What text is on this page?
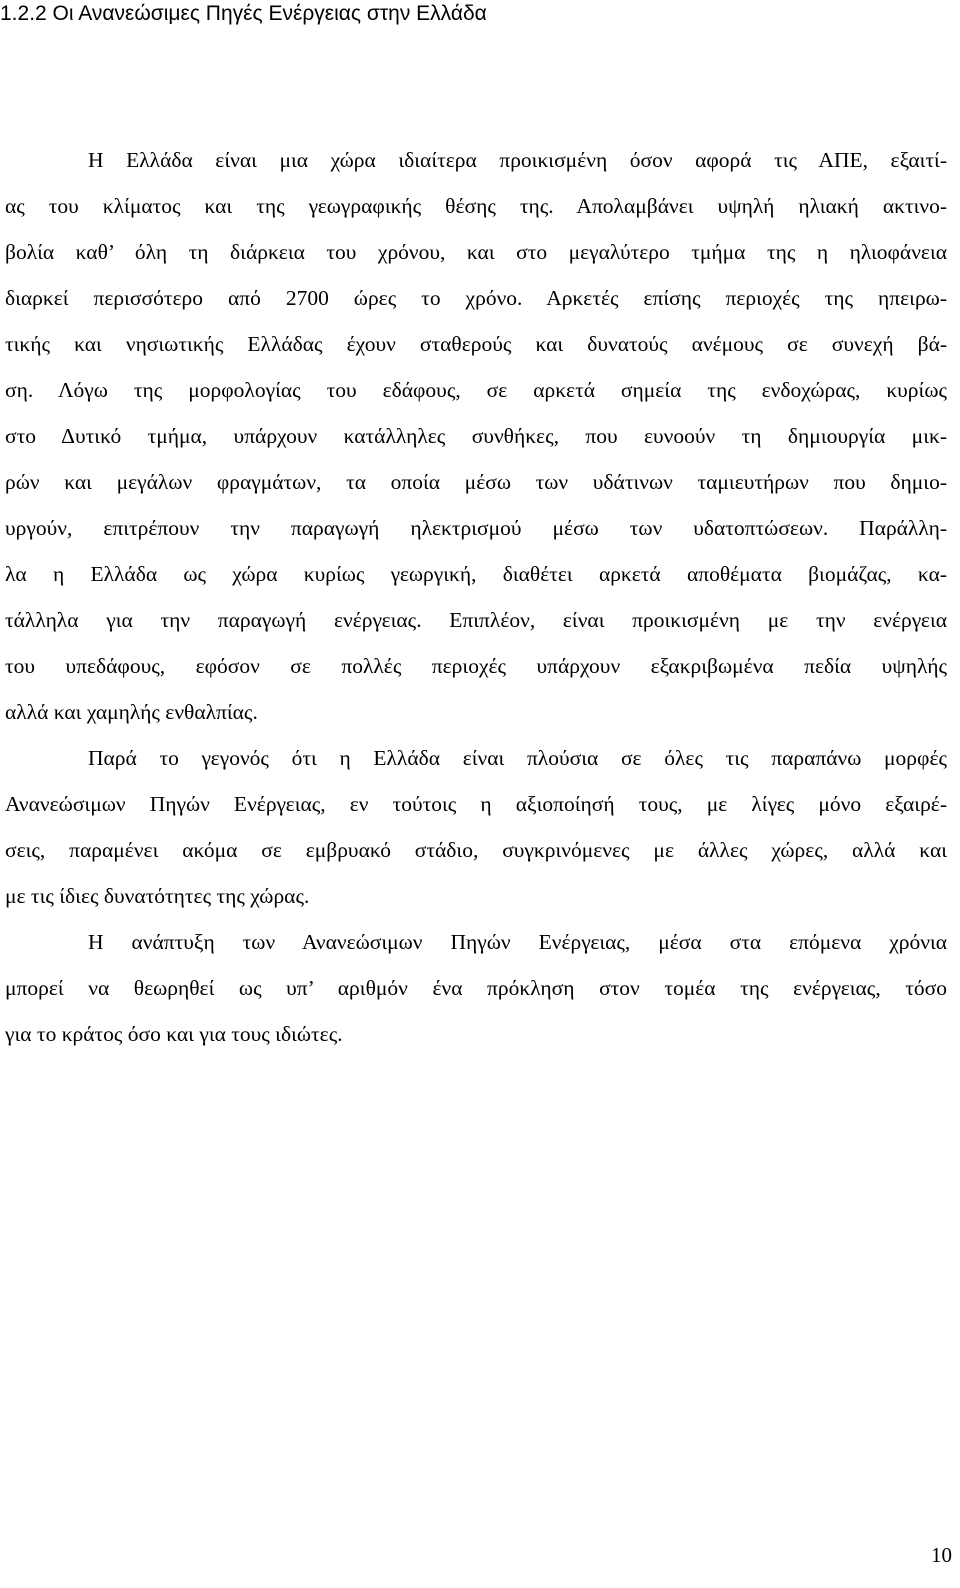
1.2.2 Οι Ανανεώσιμες Πηγές Ενέργειας στην Ελλάδα
Η Ελλάδα είναι μια χώρα ιδιαίτερα προικισμένη όσον αφορά τις ΑΠΕ, εξαιτί-
ας του κλίματος και της γεωγραφικής θέσης της. Απολαμβάνει υψηλή ηλιακή ακτινο-
βολία καθ’ όλη τη διάρκεια του χρόνου, και στο μεγαλύτερο τμήμα της η ηλιοφάνεια
διαρκεί περισσότερο από 2700 ώρες το χρόνο. Αρκετές επίσης περιοχές της ηπειρω-
τικής και νησιωτικής Ελλάδας έχουν σταθερούς και δυνατούς ανέμους σε συνεχή βά-
ση. Λόγω της μορφολογίας του εδάφους, σε αρκετά σημεία της ενδοχώρας, κυρίως
στο Δυτικό τμήμα, υπάρχουν κατάλληλες συνθήκες, που ευνοούν τη δημιουργία μικ-
ρών και μεγάλων φραγμάτων, τα οποία μέσω των υδάτινων ταμιευτήρων που δημιο-
υργούν, επιτρέπουν την παραγωγή ηλεκτρισμού μέσω των υδατοπτώσεων. Παράλλη-
λα η Ελλάδα ως χώρα κυρίως γεωργική, διαθέτει αρκετά αποθέματα βιομάζας, κα-
τάλληλα για την παραγωγή ενέργειας. Επιπλέον, είναι προικισμένη με την ενέργεια
του υπεδάφους, εφόσον σε πολλές περιοχές υπάρχουν εξακριβωμένα πεδία υψηλής
αλλά και χαμηλής ενθαλπίας.
Παρά το γεγονός ότι η Ελλάδα είναι πλούσια σε όλες τις παραπάνω μορφές
Ανανεώσιμων Πηγών Ενέργειας, εν τούτοις η αξιοποίησή τους, με λίγες μόνο εξαιρέ-
σεις, παραμένει ακόμα σε εμβρυακό στάδιο, συγκρινόμενες με άλλες χώρες, αλλά και
με τις ίδιες δυνατότητες της χώρας.
Η ανάπτυξη των Ανανεώσιμων Πηγών Ενέργειας, μέσα στα επόμενα χρόνια
μπορεί να θεωρηθεί ως υπ’ αριθμόν ένα πρόκληση στον τομέα της ενέργειας, τόσο
για το κράτος όσο και για τους ιδιώτες.

10
